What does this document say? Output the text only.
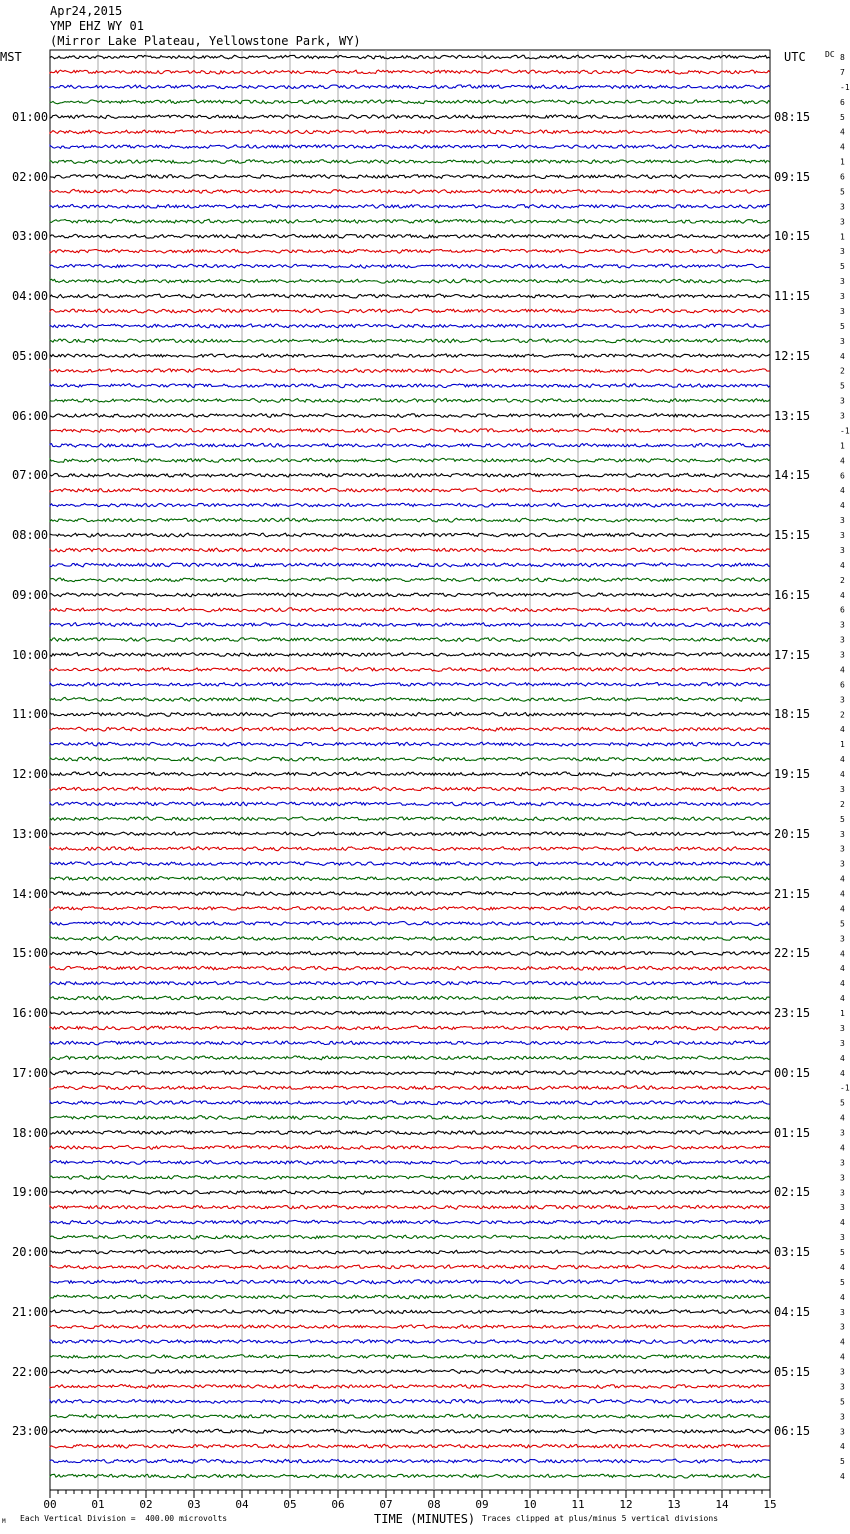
Apr24,2015
YMP EHZ WY 01
(Mirror Lake Plateau, Yellowstone Park, WY)
MST	UTC DC 8
7
-1
6
5
4
4
1
6
5
3
3
1
3
5
3
3
3
5
3
4
2
5
3
3
-1
1
4
6
4
4
3
3
3
4
2
4
6
3
3
3
4
6
3
2
4
1
4
4
3
2
5
3
3
3
4
4
4
5
3
4
4
4
4
1
3
3
4
4
-1
5
4
3
4
3
3
3
3
4
3
5
4
5
4
3
3
4
4
3
3
5
3
3
4
5
4
00	01	02	03	04	05	06	07	08	09	10	11	12	13	14	15
01:00
02:00
03:00
04:00
05:00
06:00
07:00
08:00
09:00
10:00
11:00
12:00
13:00
14:00
15:00
16:00
17:00
18:00
19:00
20:00
21:00
22:00
23:00
08:15
09:15
10:15
11:15
12:15
13:15
14:15
15:15
16:15
17:15
18:15
19:15
20:15
21:15
22:15
23:15
00:15
01:15
02:15
03:15
04:15
05:15
06:15
Each Vertical Division =  400.00 microvolts	TIME (MINUTES) Traces clipped at plus/minus 5 vertical divisions
M
